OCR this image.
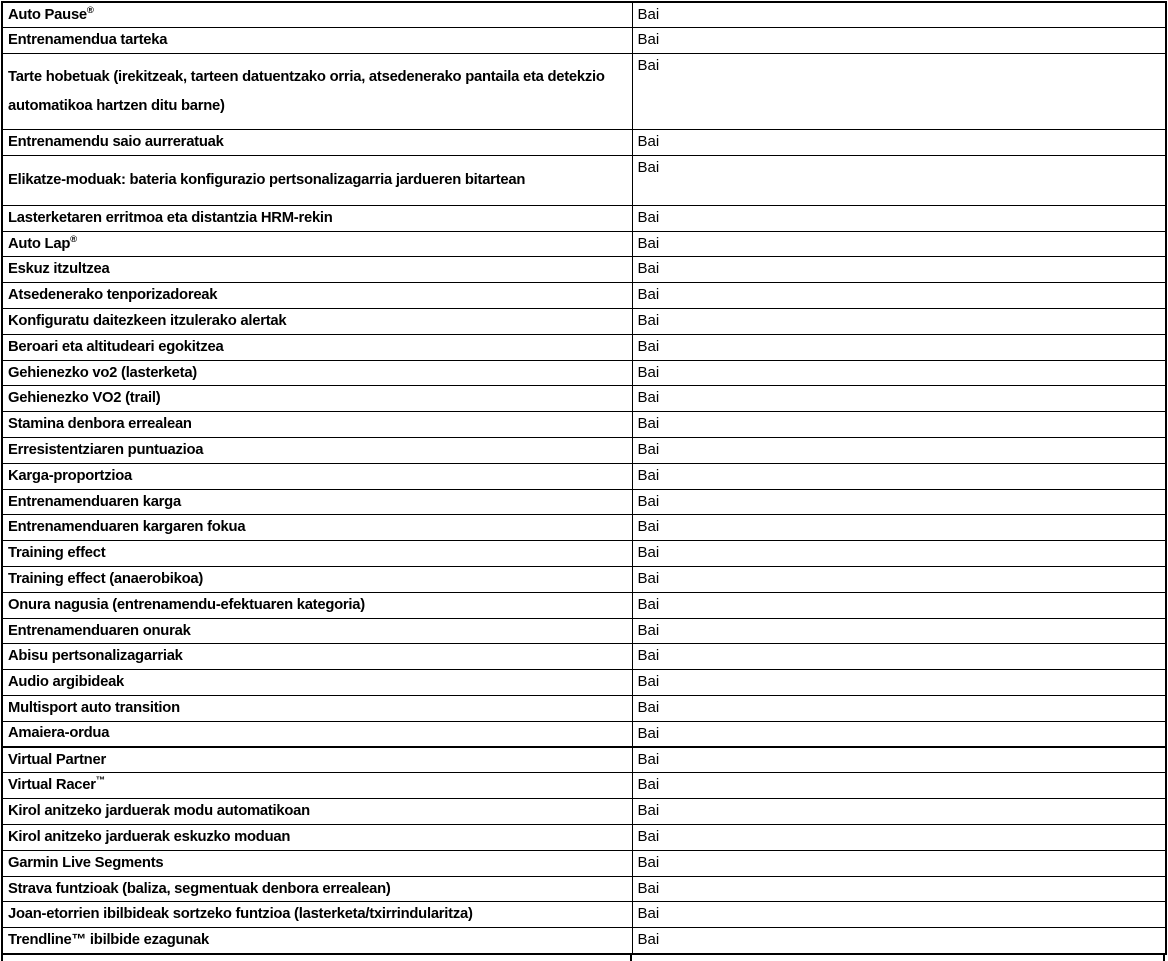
Auto Pause®	Bai
Entrenamendua tarteka	Bai
Tarte hobetuak (irekitzeak, tarteen datuentzako orria, atsedenerako pantaila eta detekzio automatikoa hartzen ditu barne)	Bai
Entrenamendu saio aurreratuak	Bai
Elikatze-moduak: bateria konfigurazio pertsonalizagarria jardueren bitartean	Bai
Lasterketaren erritmoa eta distantzia HRM-rekin	Bai
Auto Lap®	Bai
Eskuz itzultzea	Bai
Atsedenerako tenporizadoreak	Bai
Konfiguratu daitezkeen itzulerako alertak	Bai
Beroari eta altitudeari egokitzea	Bai
Gehienezko vo2 (lasterketa)	Bai
Gehienezko VO2 (trail)	Bai
Stamina denbora errealean	Bai
Erresistentziaren puntuazioa	Bai
Karga-proportzioa	Bai
Entrenamenduaren karga	Bai
Entrenamenduaren kargaren fokua	Bai
Training effect	Bai
Training effect (anaerobikoa)	Bai
Onura nagusia (entrenamendu-efektuaren kategoria)	Bai
Entrenamenduaren onurak	Bai
Abisu pertsonalizagarriak	Bai
Audio argibideak	Bai
Multisport auto transition	Bai
Amaiera-ordua	Bai
Virtual Partner	Bai
Virtual Racer™	Bai
Kirol anitzeko jarduerak modu automatikoan	Bai
Kirol anitzeko jarduerak eskuzko moduan	Bai
Garmin Live Segments	Bai
Strava funtzioak (baliza, segmentuak denbora errealean)	Bai
Joan-etorrien ibilbideak sortzeko funtzioa (lasterketa/txirrindularitza)	Bai
Trendline™ ibilbide ezagunak	Bai
